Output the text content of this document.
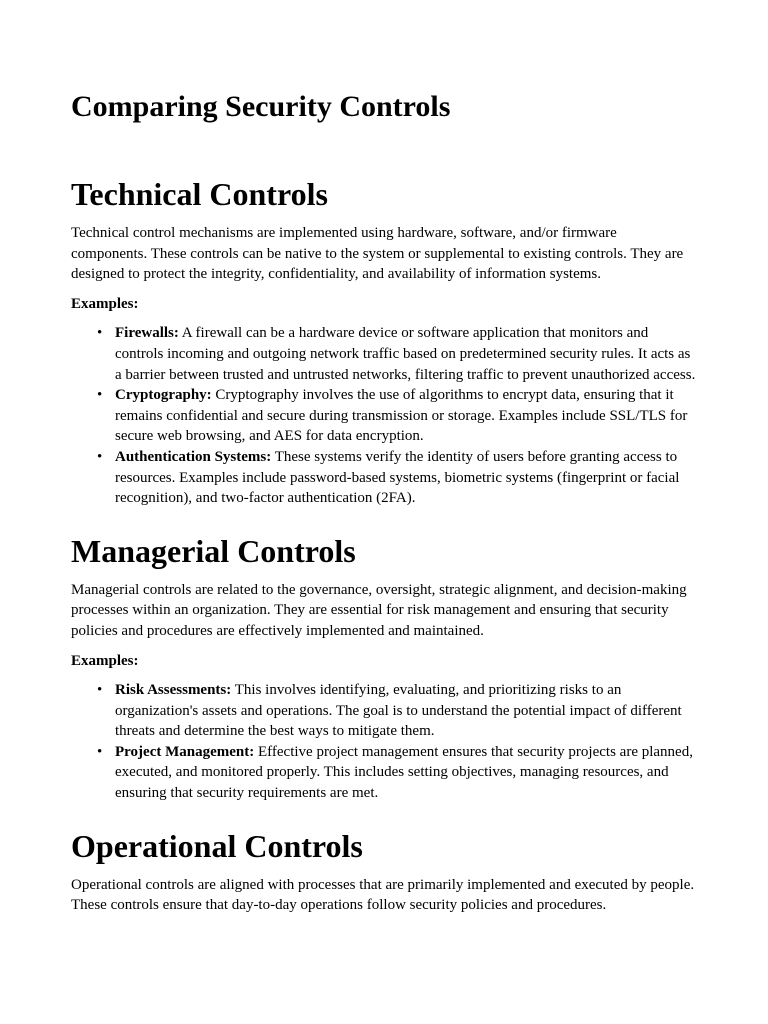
Comparing Security Controls
Technical Controls

Technical control mechanisms are implemented using hardware, software, and/or firmware components. These controls can be native to the system or supplemental to existing controls. They are designed to protect the integrity, confidentiality, and availability of information systems.

Examples:

• Firewalls: A firewall can be a hardware device or software application that monitors and controls incoming and outgoing network traffic based on predetermined security rules. It acts as a barrier between trusted and untrusted networks, filtering traffic to prevent unauthorized access.
• Cryptography: Cryptography involves the use of algorithms to encrypt data, ensuring that it remains confidential and secure during transmission or storage. Examples include SSL/TLS for secure web browsing, and AES for data encryption.
• Authentication Systems: These systems verify the identity of users before granting access to resources. Examples include password-based systems, biometric systems (fingerprint or facial recognition), and two-factor authentication (2FA).
Managerial Controls

Managerial controls are related to the governance, oversight, strategic alignment, and decision-making processes within an organization. They are essential for risk management and ensuring that security policies and procedures are effectively implemented and maintained.

Examples:

• Risk Assessments: This involves identifying, evaluating, and prioritizing risks to an organization's assets and operations. The goal is to understand the potential impact of different threats and determine the best ways to mitigate them.
• Project Management: Effective project management ensures that security projects are planned, executed, and monitored properly. This includes setting objectives, managing resources, and ensuring that security requirements are met.
Operational Controls

Operational controls are aligned with processes that are primarily implemented and executed by people. These controls ensure that day-to-day operations follow security policies and procedures.
